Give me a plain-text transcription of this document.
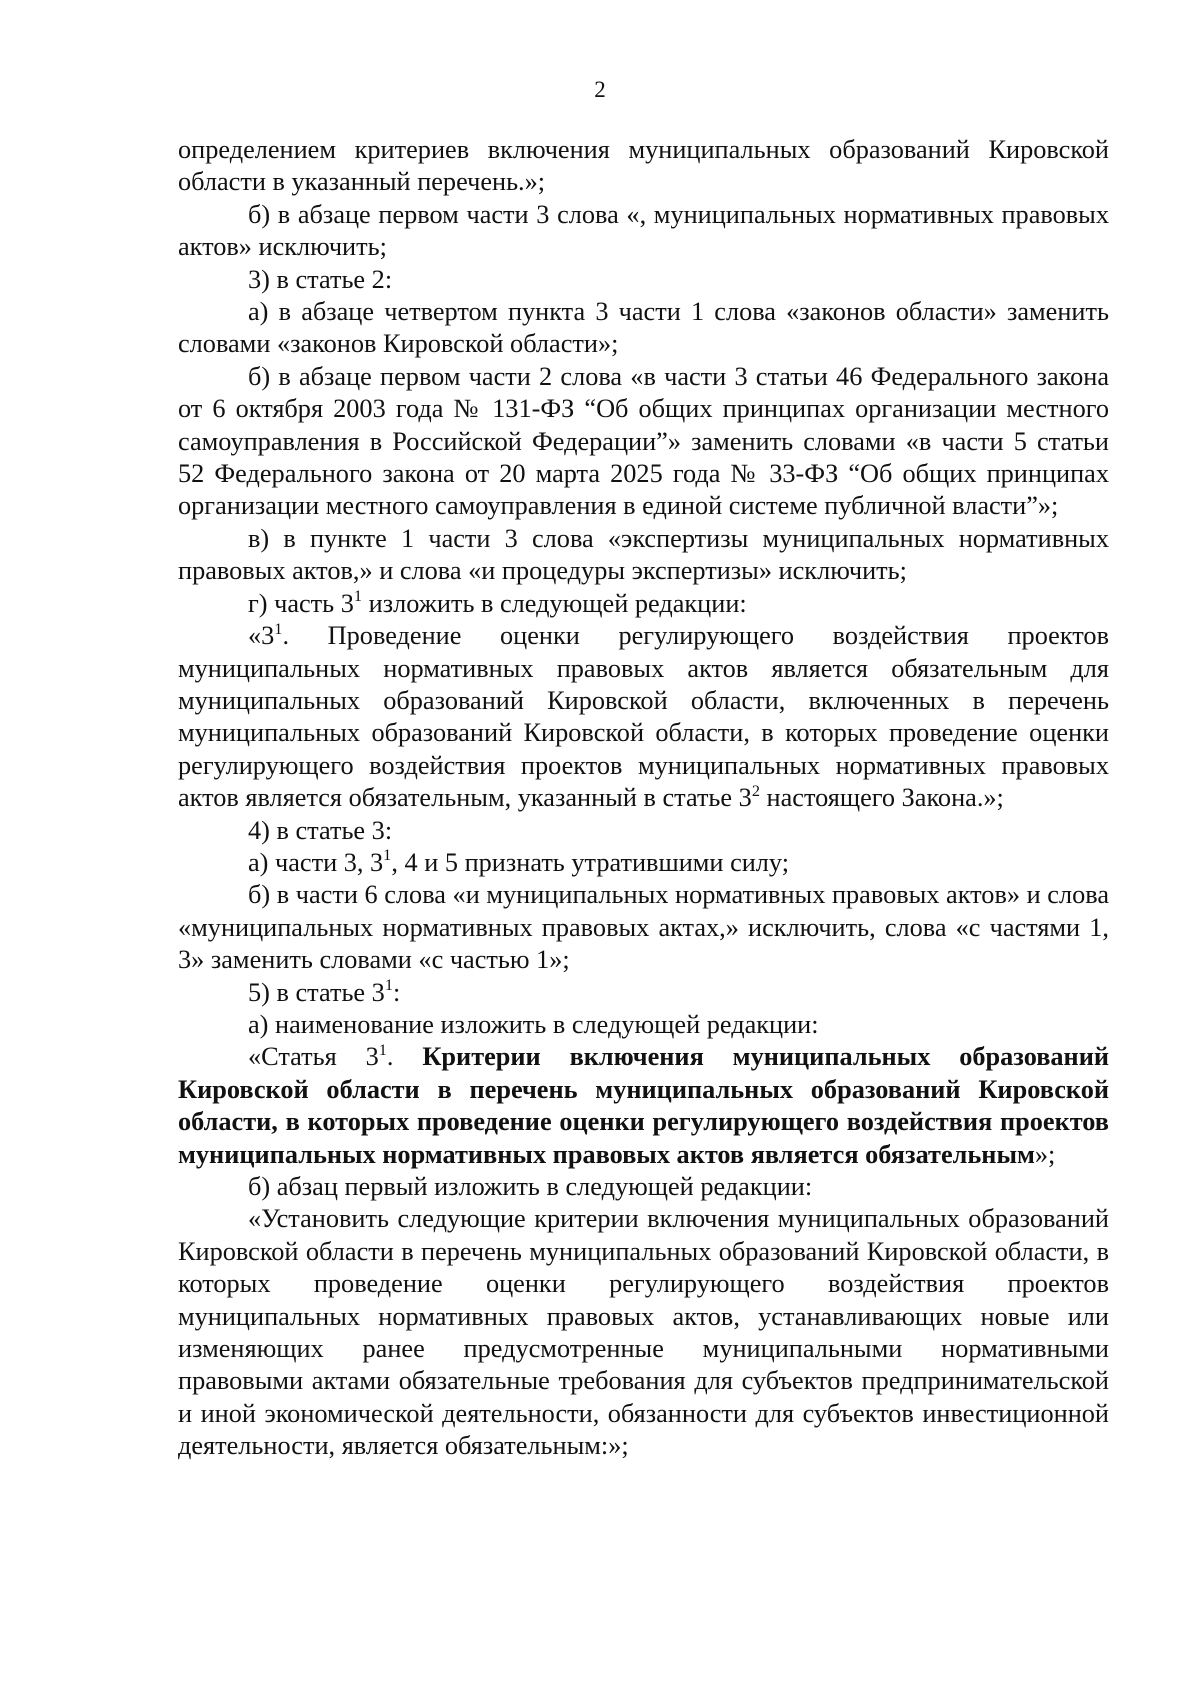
2

определением критериев включения муниципальных образований Кировской области в указанный перечень.»;

б) в абзаце первом части 3 слова «, муниципальных нормативных правовых актов» исключить;

3) в статье 2:

а) в абзаце четвертом пункта 3 части 1 слова «законов области» заменить словами «законов Кировской области»;

б) в абзаце первом части 2 слова «в части 3 статьи 46 Федерального закона от 6 октября 2003 года № 131-ФЗ “Об общих принципах организации местного самоуправления в Российской Федерации”» заменить словами «в части 5 статьи 52 Федерального закона от 20 марта 2025 года № 33-ФЗ “Об общих принципах организации местного самоуправления в единой системе публичной власти”»;

в) в пункте 1 части 3 слова «экспертизы муниципальных нормативных правовых актов,» и слова «и процедуры экспертизы» исключить;

г) часть $3^1$ изложить в следующей редакции:

«$3^1$. Проведение оценки регулирующего воздействия проектов муниципальных нормативных правовых актов является обязательным для муниципальных образований Кировской области, включенных в перечень муниципальных образований Кировской области, в которых проведение оценки регулирующего воздействия проектов муниципальных нормативных правовых актов является обязательным, указанный в статье $3^2$ настоящего Закона.»;

4) в статье 3:

а) части 3, $3^1$, 4 и 5 признать утратившими силу;

б) в части 6 слова «и муниципальных нормативных правовых актов» и слова «муниципальных нормативных правовых актах,» исключить, слова «с частями 1, 3» заменить словами «с частью 1»;

5) в статье $3^1$:

а) наименование изложить в следующей редакции:

«Статья $3^1$. Критерии включения муниципальных образований Кировской области в перечень муниципальных образований Кировской области, в которых проведение оценки регулирующего воздействия проектов муниципальных нормативных правовых актов является обязательным»;

б) абзац первый изложить в следующей редакции:

«Установить следующие критерии включения муниципальных образований Кировской области в перечень муниципальных образований Кировской области, в которых проведение оценки регулирующего воздействия проектов муниципальных нормативных правовых актов, устанавливающих новые или изменяющих ранее предусмотренные муниципальными нормативными правовыми актами обязательные требования для субъектов предпринимательской и иной экономической деятельности, обязанности для субъектов инвестиционной деятельности, является обязательным:»;
